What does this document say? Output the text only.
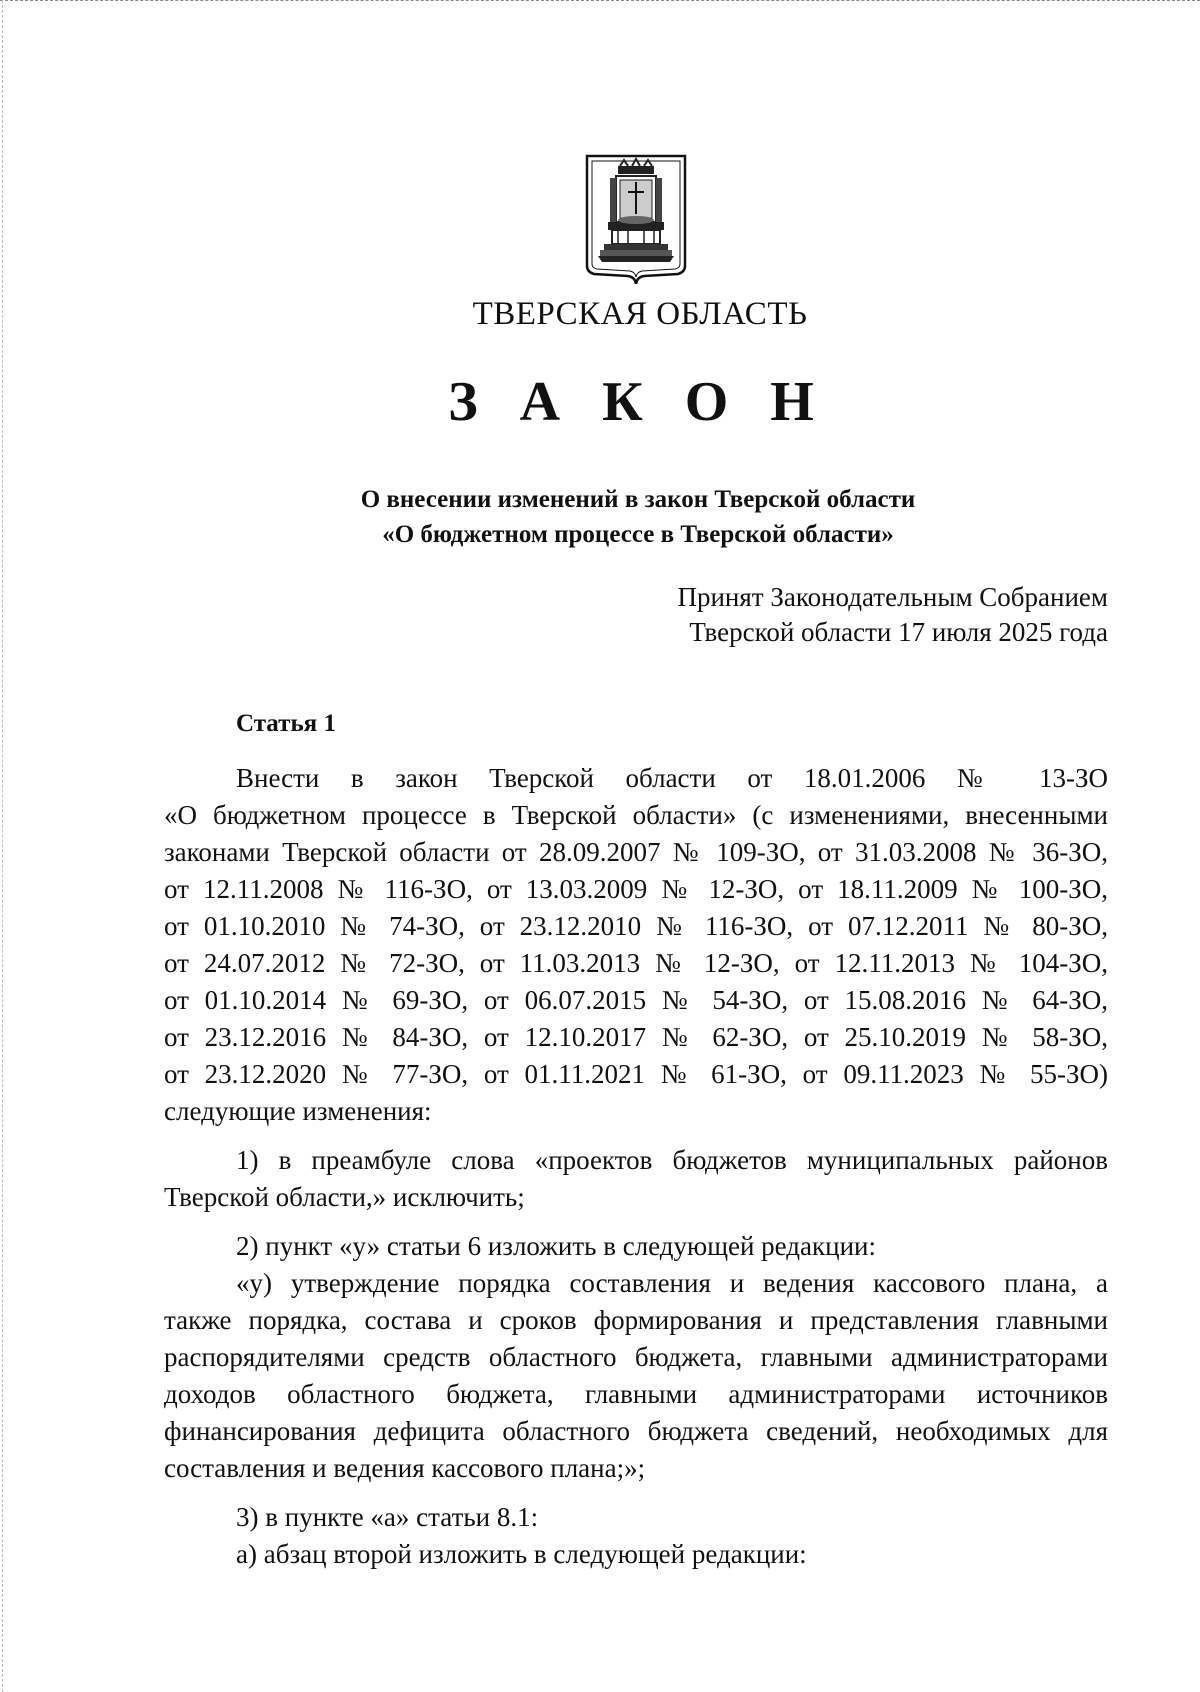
ТВЕРСКАЯ ОБЛАСТЬ
З А К О Н
О внесении изменений в закон Тверской области
«О бюджетном процессе в Тверской области»
Принят Законодательным Собранием
Тверской области 17 июля 2025 года
Статья 1
Внести в закон Тверской области от 18.01.2006 № 13-ЗО
«О бюджетном процессе в Тверской области» (с изменениями, внесенными
законами Тверской области от 28.09.2007 № 109-ЗО, от 31.03.2008 № 36-ЗО,
от 12.11.2008 № 116-ЗО, от 13.03.2009 № 12-ЗО, от 18.11.2009 № 100-ЗО,
от 01.10.2010 № 74-ЗО, от 23.12.2010 № 116-ЗО, от 07.12.2011 № 80-ЗО,
от 24.07.2012 № 72-ЗО, от 11.03.2013 № 12-ЗО, от 12.11.2013 № 104-ЗО,
от 01.10.2014 № 69-ЗО, от 06.07.2015 № 54-ЗО, от 15.08.2016 № 64-ЗО,
от 23.12.2016 № 84-ЗО, от 12.10.2017 № 62-ЗО, от 25.10.2019 № 58-ЗО,
от 23.12.2020 № 77-ЗО, от 01.11.2021 № 61-ЗО, от 09.11.2023 № 55-ЗО)
следующие изменения:
1) в преамбуле слова «проектов бюджетов муниципальных районов
Тверской области,» исключить;
2) пункт «у» статьи 6 изложить в следующей редакции:
«у) утверждение порядка составления и ведения кассового плана, а
также порядка, состава и сроков формирования и представления главными
распорядителями средств областного бюджета, главными администраторами
доходов областного бюджета, главными администраторами источников
финансирования дефицита областного бюджета сведений, необходимых для
составления и ведения кассового плана;»;
3) в пункте «а» статьи 8.1:
а) абзац второй изложить в следующей редакции:
